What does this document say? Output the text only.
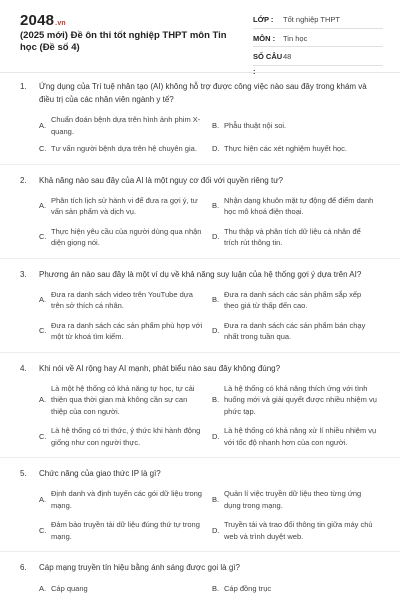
2048.vn
(2025 mới) Đề ôn thi tốt nghiệp THPT môn Tin học (Đề số 4)
LỚP :	Tốt nghiệp THPT
MÔN :	Tin học
SỐ CÂU :
48
1. Ứng dụng của Trí tuệ nhân tạo (AI) không hỗ trợ được công việc nào sau đây trong khám và điều trị của các nhân viên ngành y tế?
A.
Chuẩn đoán bệnh dựa trên hình ảnh phim X-quang.
B. Phẫu thuật nội soi.
C. Tư vấn người bệnh dựa trên hệ chuyên gia.	D. Thực hiện các xét nghiệm huyết học.
2. Khả năng nào sau đây của AI là một nguy cơ đối với quyền riêng tư?
A.
Phân tích lịch sử hành vi để đưa ra gợi ý, tư vấn sản phẩm và dịch vụ.
B.
Nhận dạng khuôn mặt tự động để điểm danh học mô khoá điện thoại.
C.
Thực hiện yêu cầu của người dùng qua nhận diện giọng nói.
D.
Thu thập và phân tích dữ liệu cá nhân để trích rút thông tin.
3. Phương án nào sau đây là một ví dụ về khả năng suy luận của hệ thống gợi ý dựa trên AI?
A.
Đưa ra danh sách video trên YouTube dựa trên sở thích cá nhân.
B.
Đưa ra danh sách các sản phẩm sắp xếp theo giá từ thấp đến cao.
C.
Đưa ra danh sách các sản phẩm phù hợp với một từ khoá tìm kiếm.
D.
Đưa ra danh sách các sản phẩm bán chạy nhất trong tuần qua.
4. Khi nói về AI rộng hay AI mạnh, phát biểu nào sau đây không đúng?
A.
Là một hệ thống có khả năng tự học, tự cải thiện qua thời gian mà không cần sự can thiệp của con người.
B.
Là hệ thống có khả năng thích ứng với tình huống mới và giải quyết được nhiều nhiệm vụ phức tạp.
C.
Là hệ thống có tri thức, ý thức khi hành động giống như con người thực.
D.
Là hệ thống có khả năng xử lí nhiều nhiệm vụ với tốc độ nhanh hơn của con người.
5. Chức năng của giao thức IP là gì?
A.
Định danh và định tuyến các gói dữ liệu trong mạng.
B.
Quản lí việc truyền dữ liệu theo từng ứng dụng trong mạng.
C.
Đảm bảo truyền tải dữ liệu đúng thứ tự trong mạng.
D.
Truyền tải và trao đổi thông tin giữa máy chủ web và trình duyệt web.
6. Cáp mạng truyền tín hiệu bằng ánh sáng được gọi là gì?
A. Cáp quang	B. Cáp đồng trục
